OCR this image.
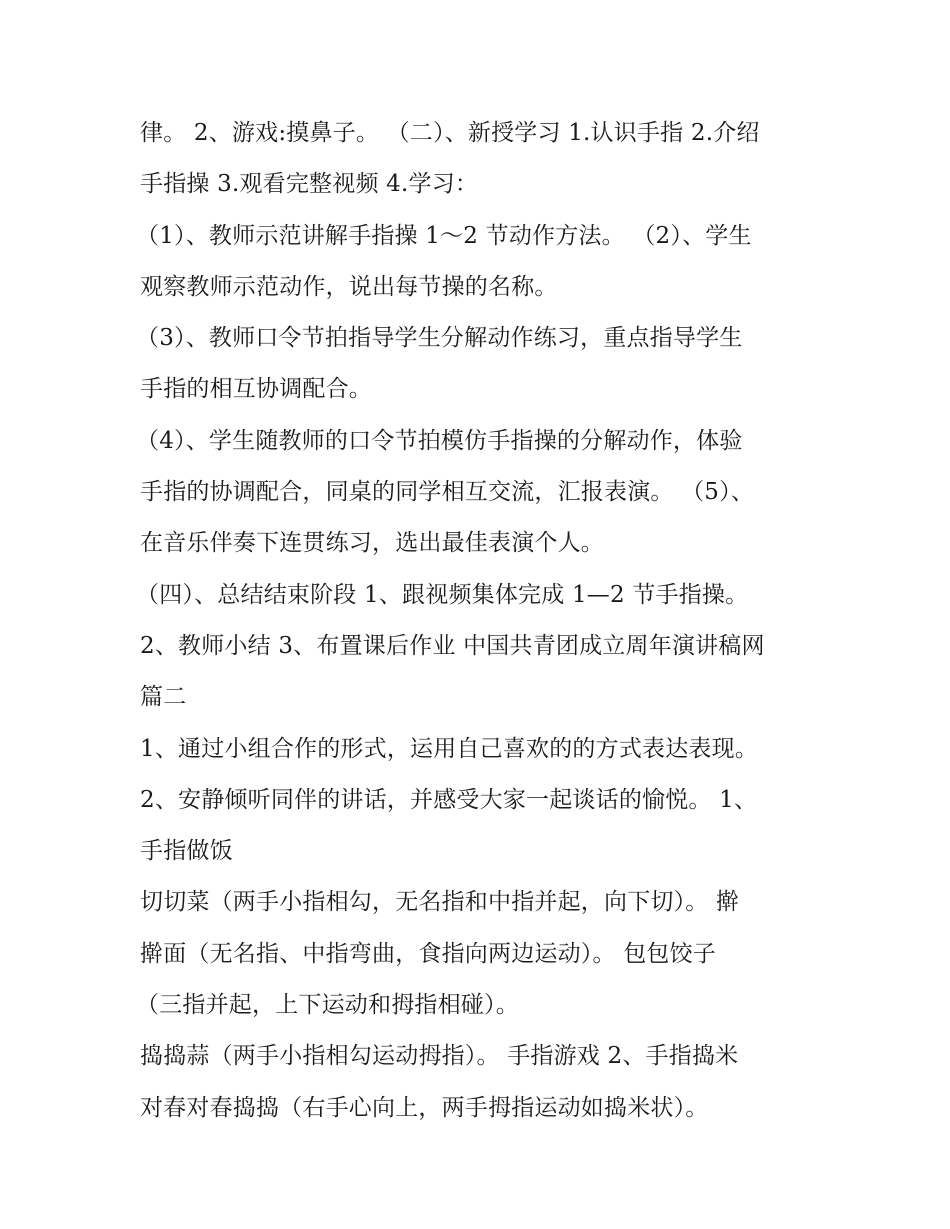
律。 2、游戏:摸鼻子。 （二）、新授学习 1.认识手指 2.介绍
手指操 3.观看完整视频 4.学习：
（1）、教师示范讲解手指操 1～2 节动作方法。 （2）、学生
观察教师示范动作，说出每节操的名称。
（3）、教师口令节拍指导学生分解动作练习，重点指导学生
手指的相互协调配合。
（4）、学生随教师的口令节拍模仿手指操的分解动作，体验
手指的协调配合，同桌的同学相互交流，汇报表演。 （5）、
在音乐伴奏下连贯练习，选出最佳表演个人。
（四）、总结结束阶段 1、跟视频集体完成 1—2 节手指操。
2、教师小结 3、布置课后作业 中国共青团成立周年演讲稿网
篇二
1、通过小组合作的形式，运用自己喜欢的的方式表达表现。
2、安静倾听同伴的讲话，并感受大家一起谈话的愉悦。 1、
手指做饭
切切菜（两手小指相勾，无名指和中指并起，向下切）。 擀
擀面（无名指、中指弯曲，食指向两边运动）。 包包饺子
（三指并起，上下运动和拇指相碰）。
捣捣蒜（两手小指相勾运动拇指）。 手指游戏 2、手指捣米
对春对春捣捣（右手心向上，两手拇指运动如捣米状）。
